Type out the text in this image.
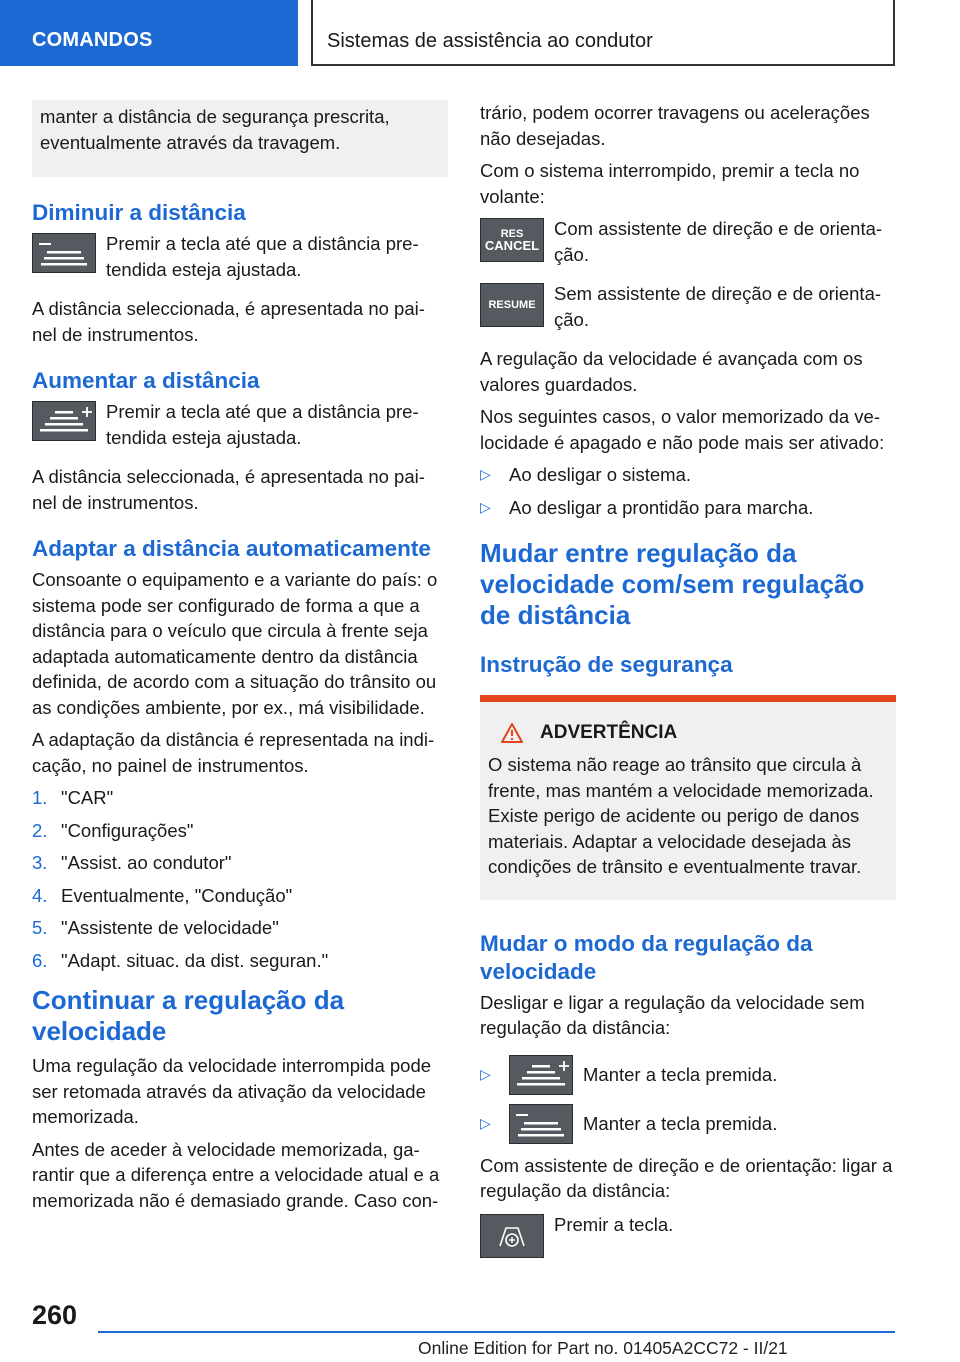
COMANDOS	Sistemas de assistência ao condutor
manter a distância de segurança prescrita, eventualmente através da travagem.
Diminuir a distância
Premir a tecla até que a distância pre-tendida esteja ajustada.

A distância seleccionada, é apresentada no pai-nel de instrumentos.

Aumentar a distância
Premir a tecla até que a distância pre-tendida esteja ajustada.

A distância seleccionada, é apresentada no pai-nel de instrumentos.

Adaptar a distância automaticamente

Consoante o equipamento e a variante do país: o sistema pode ser configurado de forma a que a distância para o veículo que circula à frente seja adaptada automaticamente dentro da distância definida, de acordo com a situação do trânsito ou as condições ambiente, por ex., má visibilidade.

A adaptação da distância é representada na indi-cação, no painel de instrumentos.

1. "CAR"
2. "Configurações"
3. "Assist. ao condutor"
4. Eventualmente, "Condução"
5. "Assistente de velocidade"
6. "Adapt. situac. da dist. seguran."
Continuar a regulação da velocidade

Uma regulação da velocidade interrompida pode ser retomada através da ativação da velocidade memorizada.

Antes de aceder à velocidade memorizada, ga-rantir que a diferença entre a velocidade atual e a memorizada não é demasiado grande. Caso con-

trário, podem ocorrer travagens ou acelerações não desejadas.

Com o sistema interrompido, premir a tecla no volante:

RES
CANCEL
Com assistente de direção e de orienta-ção.
RESUME
Sem assistente de direção e de orienta-ção.

A regulação da velocidade é avançada com os valores guardados.

Nos seguintes casos, o valor memorizado da ve-locidade é apagado e não pode mais ser ativado:

▷ Ao desligar o sistema.
▷ Ao desligar a prontidão para marcha.
Mudar entre regulação da velocidade com/sem regulação de distância
Instrução de segurança
ADVERTÊNCIA

O sistema não reage ao trânsito que circula à frente, mas mantém a velocidade memorizada. Existe perigo de acidente ou perigo de danos materiais. Adaptar a velocidade desejada às condições de trânsito e eventualmente travar.

Mudar o modo da regulação da velocidade

Desligar e ligar a regulação da velocidade sem regulação da distância:

▷	Manter a tecla premida.
▷	Manter a tecla premida.

Com assistente de direção e de orientação: ligar a regulação da distância:

Premir a tecla.
260
Online Edition for Part no. 01405A2CC72 - II/21
